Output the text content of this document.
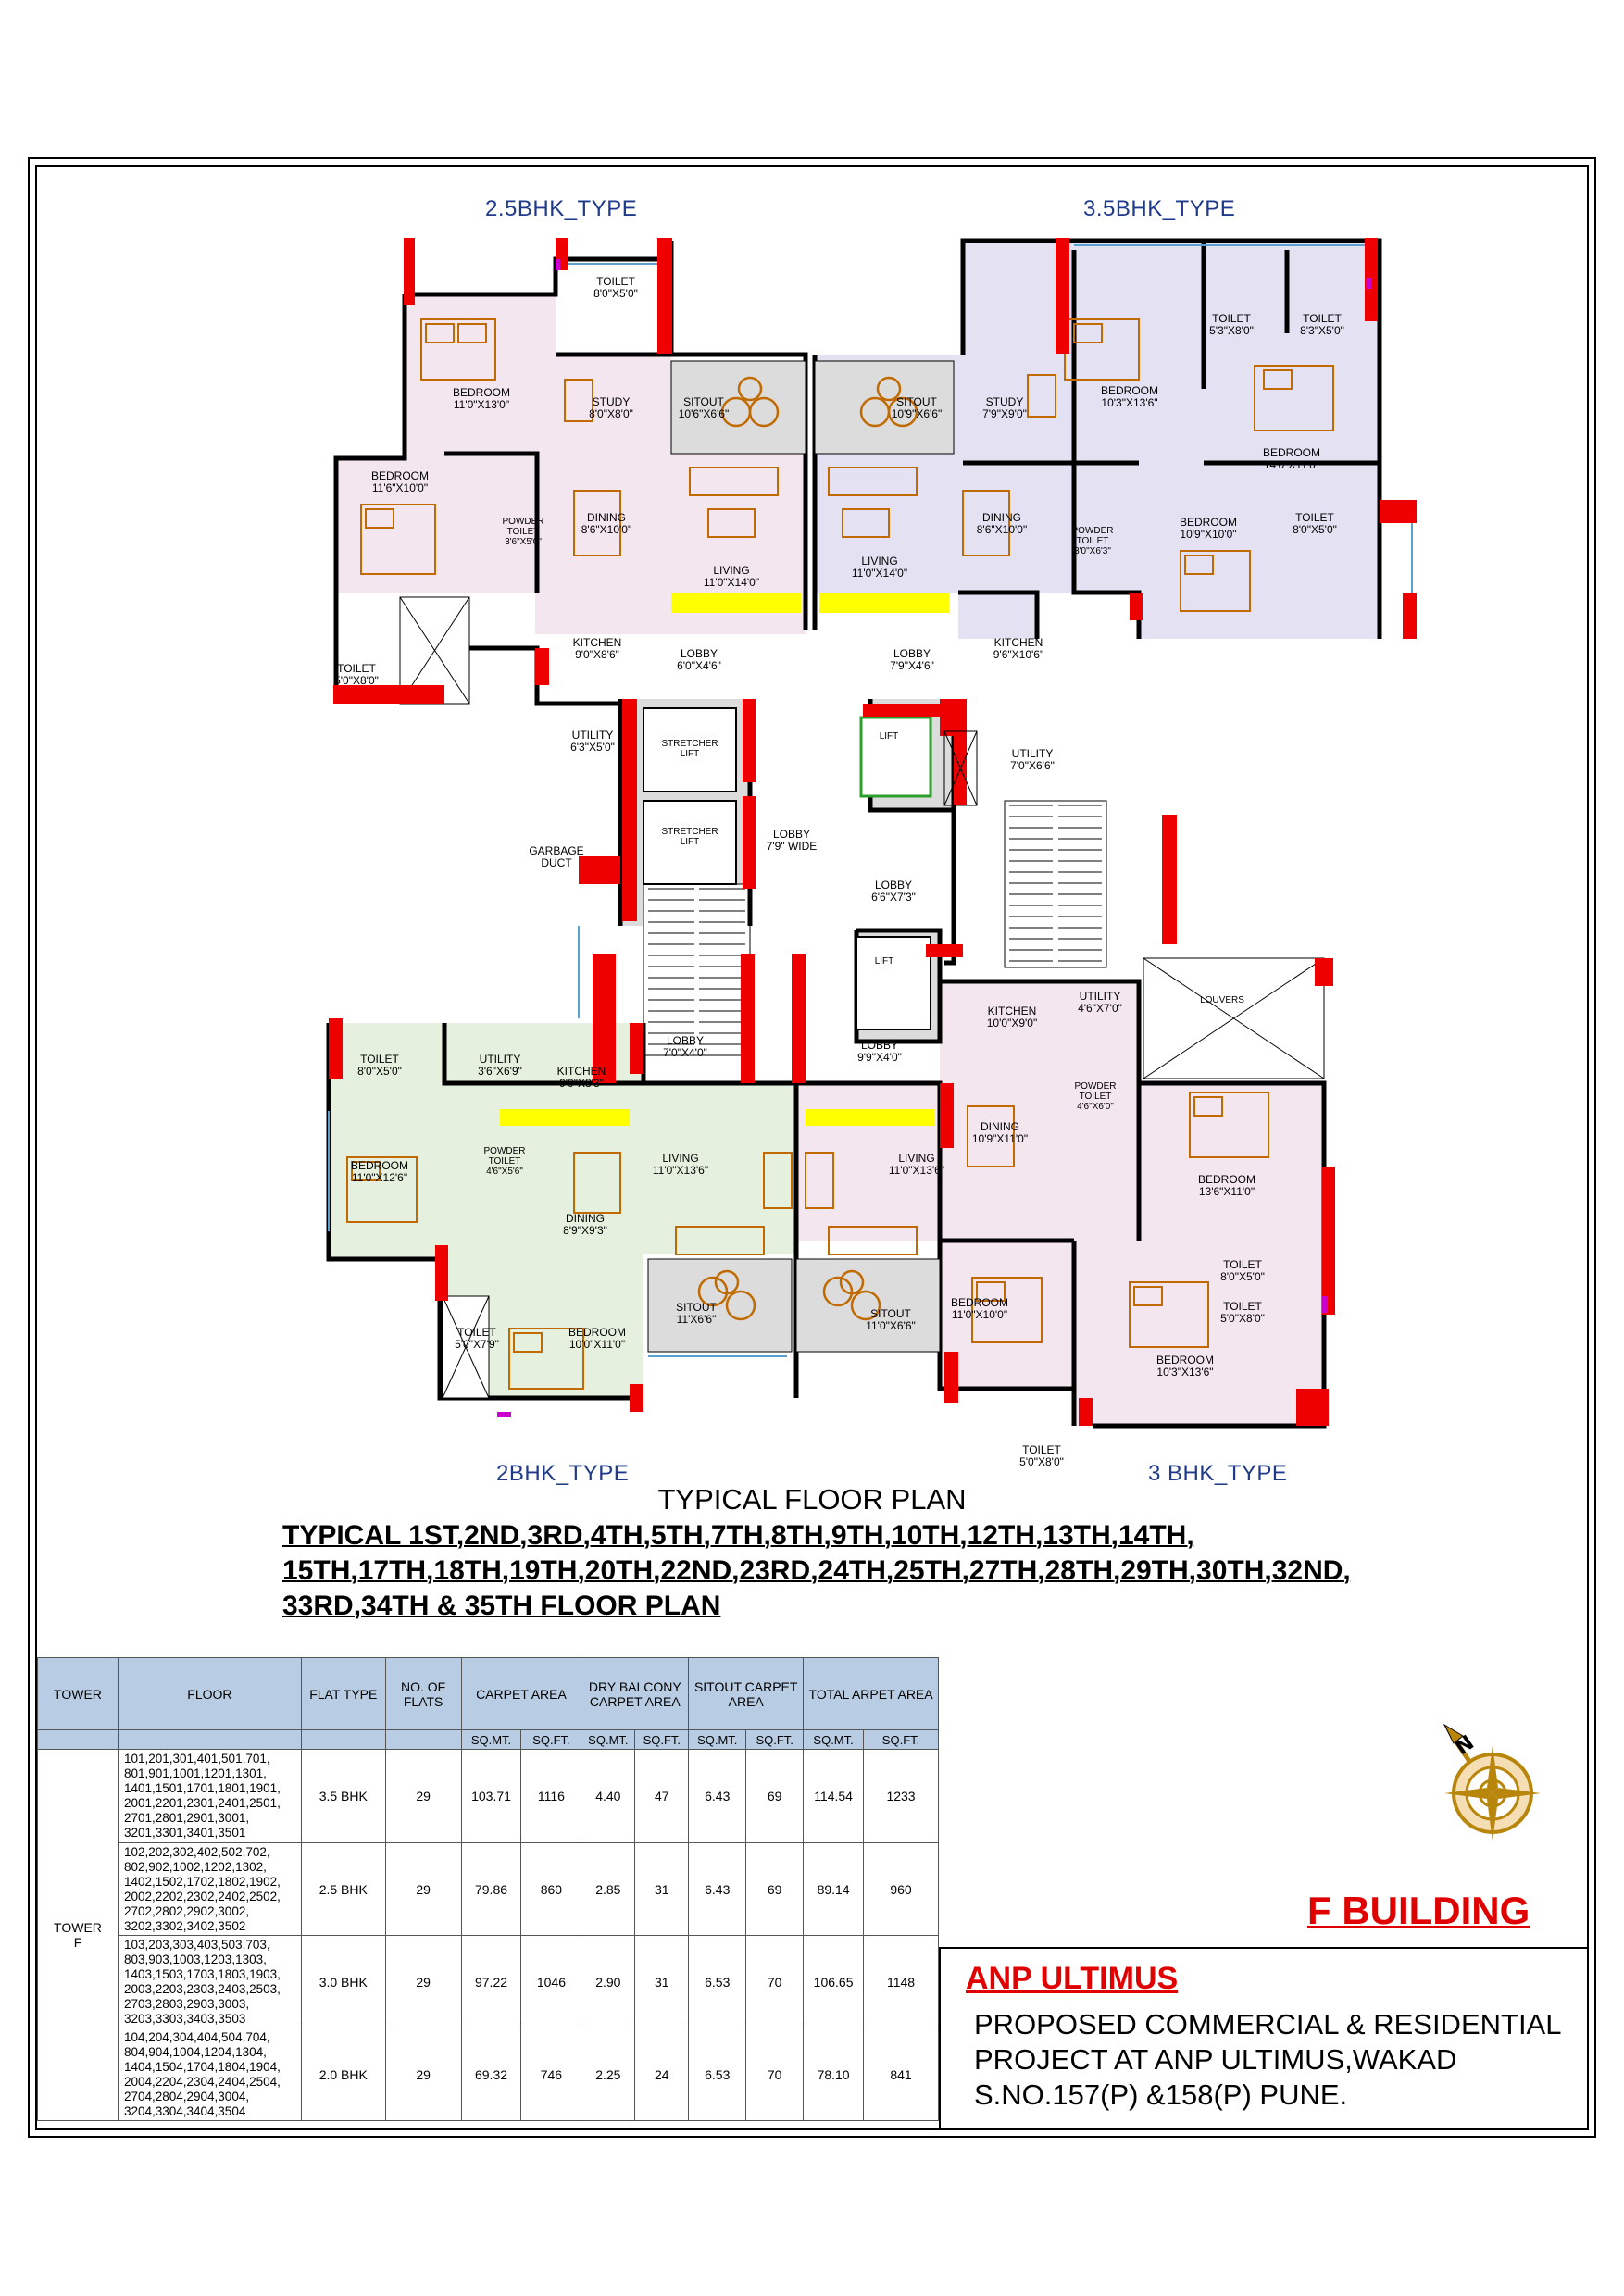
2.5BHK_TYPE	3.5BHK_TYPE
2BHK_TYPE	3 BHK_TYPE
TOILET
8'0"X5'0"
BEDROOM
11'0"X13'0"	STUDY
8'0"X8'0"
SITOUT
10'6"X6'6"
SITOUT
10'9"X6'6"
STUDY
7'9"X9'0"
BEDROOM
10'3"X13'6"
TOILET
5'3"X8'0"
TOILET
8'3"X5'0"
BEDROOM
11'6"X10'0"
POWDER
TOILET
3'6"X5'0"
DINING
8'6"X10'0"
LIVING
11'0"X14'0"
LIVING
11'0"X14'0"
DINING
8'6"X10'0"	POWDER
TOILET
3'0"X6'3"
BEDROOM
10'9"X10'0"
BEDROOM
14'0"X11'0"
TOILET
8'0"X5'0"
KITCHEN
9'0"X8'6"
KITCHEN
9'6"X10'6"
TOILET
5'0"X8'0"
LOBBY
6'0"X4'6"
LOBBY
7'9"X4'6"
UTILITY
6'3"X5'0"	UTILITY
7'0"X6'6"
STRETCHER
LIFT
STRETCHER
LIFT
LIFT
LIFT
LOBBY
7'9" WIDE
GARBAGE
DUCT
LOBBY
6'6"X7'3"
LOBBY
7'0"X4'0"
LOBBY
9'9"X4'0"
UTILITY
4'6"X7'0"
LOUVERS
KITCHEN
10'0"X9'0"
TOILET
8'0"X5'0"
UTILITY
3'6"X6'9"	KITCHEN
9'0"X8'3"
DINING
10'9"X11'0"
POWDER
TOILET
4'6"X6'0"
BEDROOM
11'0"X12'6"
POWDER
TOILET
4'6"X5'6"
LIVING
11'0"X13'6"
LIVING
11'0"X13'6"
BEDROOM
13'6"X11'0"
DINING
8'9"X9'3"
TOILET
8'0"X5'0"
TOILET
5'0"X8'0"
BEDROOM
11'0"X10'0"
TOILET
5'0"X7'9"
BEDROOM
10'0"X11'0"
SITOUT
11'X6'6"	SITOUT
11'0"X6'6"
BEDROOM
10'3"X13'6"
TOILET
5'0"X8'0"
TYPICAL FLOOR PLAN
TYPICAL 1ST,2ND,3RD,4TH,5TH,7TH,8TH,9TH,10TH,12TH,13TH,14TH,
15TH,17TH,18TH,19TH,20TH,22ND,23RD,24TH,25TH,27TH,28TH,29TH,30TH,32ND,
33RD,34TH & 35TH FLOOR PLAN
TOWER	FLOOR	FLAT TYPE	NO. OF FLATS	CARPET AREA		DRY BALCONY CARPET AREA		SITOUT CARPET AREA		TOTAL ARPET AREA	
				SQ.MT.	SQ.FT.	SQ.MT.	SQ.FT.	SQ.MT.	SQ.FT.	SQ.MT.	SQ.FT.
TOWER F	101,201,301,401,501,701, 801,901,1001,1201,1301, 1401,1501,1701,1801,1901, 2001,2201,2301,2401,2501, 2701,2801,2901,3001, 3201,3301,3401,3501	3.5 BHK	29	103.71	1116	4.40	47	6.43	69	114.54	1233
	102,202,302,402,502,702, 802,902,1002,1202,1302, 1402,1502,1702,1802,1902, 2002,2202,2302,2402,2502, 2702,2802,2902,3002, 3202,3302,3402,3502	2.5 BHK	29	79.86	860	2.85	31	6.43	69	89.14	960
	103,203,303,403,503,703, 803,903,1003,1203,1303, 1403,1503,1703,1803,1903, 2003,2203,2303,2403,2503, 2703,2803,2903,3003, 3203,3303,3403,3503	3.0 BHK	29	97.22	1046	2.90	31	6.53	70	106.65	1148
	104,204,304,404,504,704, 804,904,1004,1204,1304, 1404,1504,1704,1804,1904, 2004,2204,2304,2404,2504, 2704,2804,2904,3004, 3204,3304,3404,3504	2.0 BHK	29	69.32	746	2.25	24	6.53	70	78.10	841
N
F BUILDING
ANP ULTIMUS
PROPOSED COMMERCIAL & RESIDENTIAL
PROJECT AT ANP ULTIMUS,WAKAD
S.NO.157(P) &158(P) PUNE.
